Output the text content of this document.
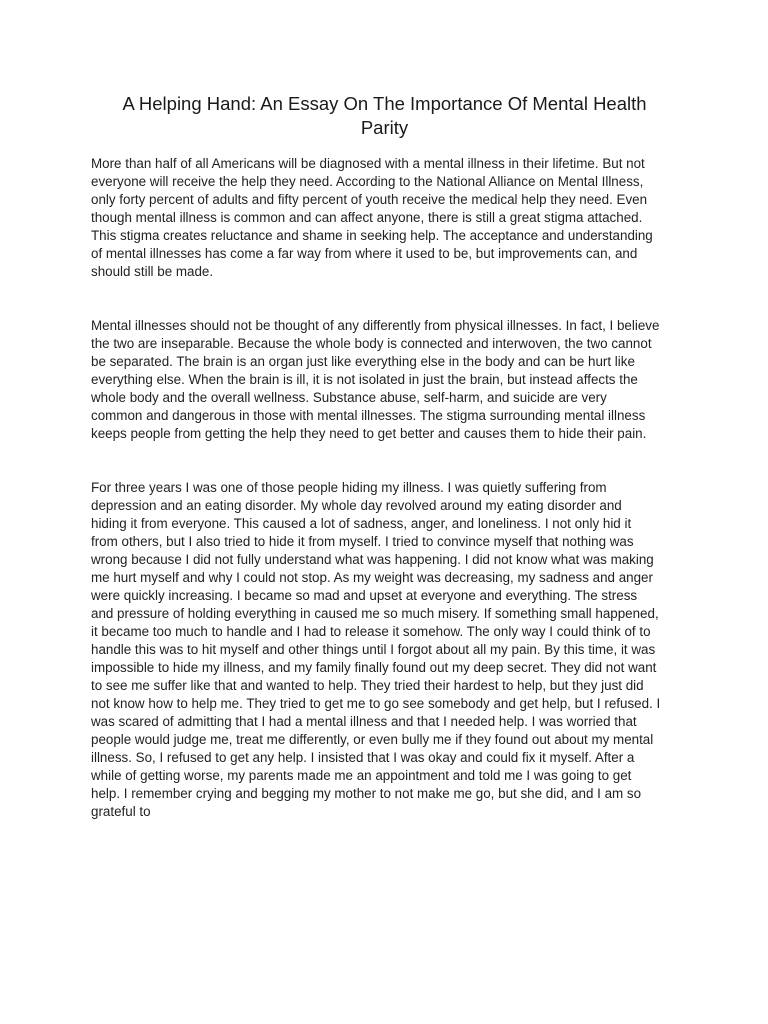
A Helping Hand: An Essay On The Importance Of Mental Health
Parity
More than half of all Americans will be diagnosed with a mental illness in their lifetime. But not
everyone will receive the help they need. According to the National Alliance on Mental Illness,
only forty percent of adults and fifty percent of youth receive the medical help they need. Even
though mental illness is common and can affect anyone, there is still a great stigma attached.
This stigma creates reluctance and shame in seeking help. The acceptance and understanding
of mental illnesses has come a far way from where it used to be, but improvements can, and
should still be made.
Mental illnesses should not be thought of any differently from physical illnesses. In fact, I believe
the two are inseparable. Because the whole body is connected and interwoven, the two cannot
be separated. The brain is an organ just like everything else in the body and can be hurt like
everything else. When the brain is ill, it is not isolated in just the brain, but instead affects the
whole body and the overall wellness. Substance abuse, self-harm, and suicide are very
common and dangerous in those with mental illnesses. The stigma surrounding mental illness
keeps people from getting the help they need to get better and causes them to hide their pain.
For three years I was one of those people hiding my illness. I was quietly suffering from
depression and an eating disorder. My whole day revolved around my eating disorder and
hiding it from everyone. This caused a lot of sadness, anger, and loneliness. I not only hid it
from others, but I also tried to hide it from myself. I tried to convince myself that nothing was
wrong because I did not fully understand what was happening. I did not know what was making
me hurt myself and why I could not stop. As my weight was decreasing, my sadness and anger
were quickly increasing. I became so mad and upset at everyone and everything. The stress
and pressure of holding everything in caused me so much misery. If something small happened,
it became too much to handle and I had to release it somehow. The only way I could think of to
handle this was to hit myself and other things until I forgot about all my pain. By this time, it was
impossible to hide my illness, and my family finally found out my deep secret. They did not want
to see me suffer like that and wanted to help. They tried their hardest to help, but they just did
not know how to help me. They tried to get me to go see somebody and get help, but I refused. I
was scared of admitting that I had a mental illness and that I needed help. I was worried that
people would judge me, treat me differently, or even bully me if they found out about my mental
illness. So, I refused to get any help. I insisted that I was okay and could fix it myself. After a
while of getting worse, my parents made me an appointment and told me I was going to get
help. I remember crying and begging my mother to not make me go, but she did, and I am so
grateful to
